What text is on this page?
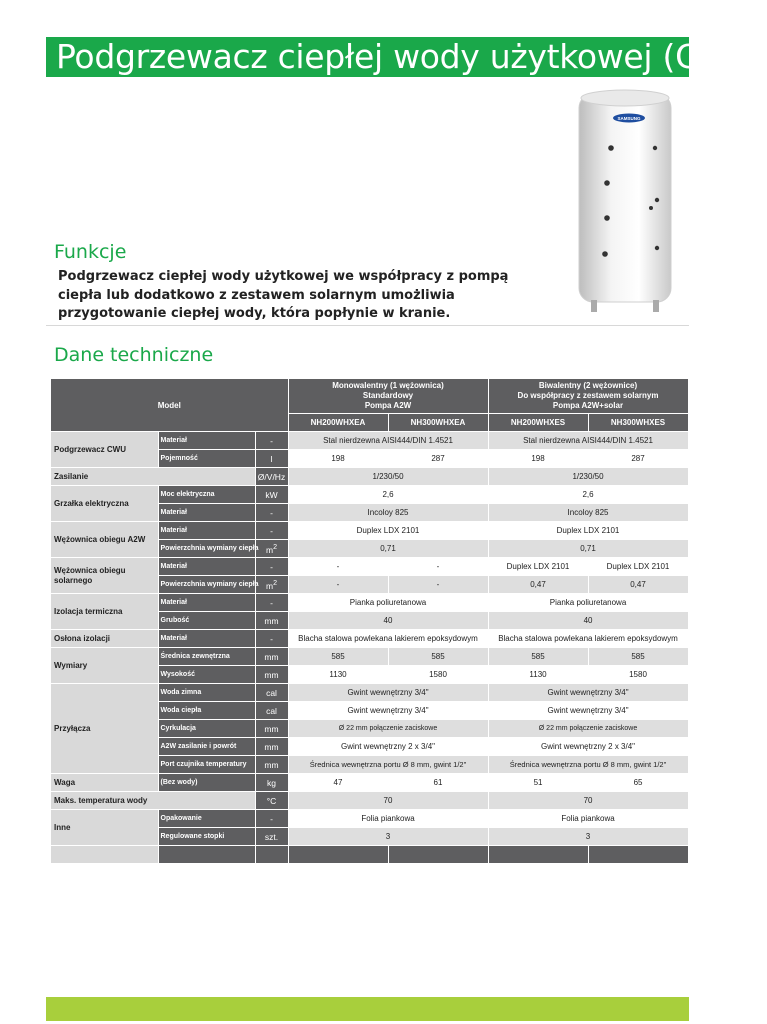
Podgrzewacz ciepłej wody użytkowej (CWU)
SAMSUNG
Funkcje

Podgrzewacz ciepłej wody użytkowej we współpracy z pompą ciepła lub dodatkowo z zestawem solarnym umożliwia przygotowanie ciepłej wody, która popłynie w kranie.

Dane techniczne
Model			Monowalentny (1 wężownica)
Standardowy
Pompa A2W		Biwalentny (2 wężownice)
Do współpracy z zestawem solarnym
Pompa A2W+solar	
			NH200WHXEA	NH300WHXEA	NH200WHXES	NH300WHXES
Podgrzewacz CWU	Materiał	-	Stal nierdzewna AISI444/DIN 1.4521		Stal nierdzewna AISI444/DIN 1.4521	
	Pojemność	l	198	287	198	287
Zasilanie		Ø/V/Hz	1/230/50		1/230/50	
Grzałka elektryczna	Moc elektryczna	kW	2,6		2,6	
	Materiał	-	Incoloy 825		Incoloy 825	
Wężownica obiegu A2W	Materiał	-	Duplex LDX 2101		Duplex LDX 2101	
	Powierzchnia wymiany ciepła	$m^2$	0,71		0,71	
Wężownica obiegu solarnego	Materiał	-	-	-	Duplex LDX 2101	Duplex LDX 2101
	Powierzchnia wymiany ciepła	$m^2$	-	-	0,47	0,47
Izolacja termiczna	Materiał	-	Pianka poliuretanowa		Pianka poliuretanowa	
	Grubość	mm	40		40	
Osłona izolacji	Materiał	-	Blacha stalowa powlekana lakierem epoksydowym		Blacha stalowa powlekana lakierem epoksydowym	
Wymiary	Średnica zewnętrzna	mm	585	585	585	585
	Wysokość	mm	1130	1580	1130	1580
Przyłącza	Woda zimna	cal	Gwint wewnętrzny 3/4"		Gwint wewnętrzny 3/4"	
	Woda ciepła	cal	Gwint wewnętrzny 3/4"		Gwint wewnętrzny 3/4"	
	Cyrkulacja	mm	Ø 22 mm połączenie zaciskowe		Ø 22 mm połączenie zaciskowe	
	A2W zasilanie i powrót	mm	Gwint wewnętrzny 2 x 3/4"		Gwint wewnętrzny 2 x 3/4"	
	Port czujnika temperatury	mm	Średnica wewnętrzna portu Ø 8 mm, gwint 1/2"		Średnica wewnętrzna portu Ø 8 mm, gwint 1/2"	
Waga	(Bez wody)	kg	47	61	51	65
Maks. temperatura wody		°C	70		70	
Inne	Opakowanie	-	Folia piankowa		Folia piankowa	
	Regulowane stopki	szt.	3		3	
